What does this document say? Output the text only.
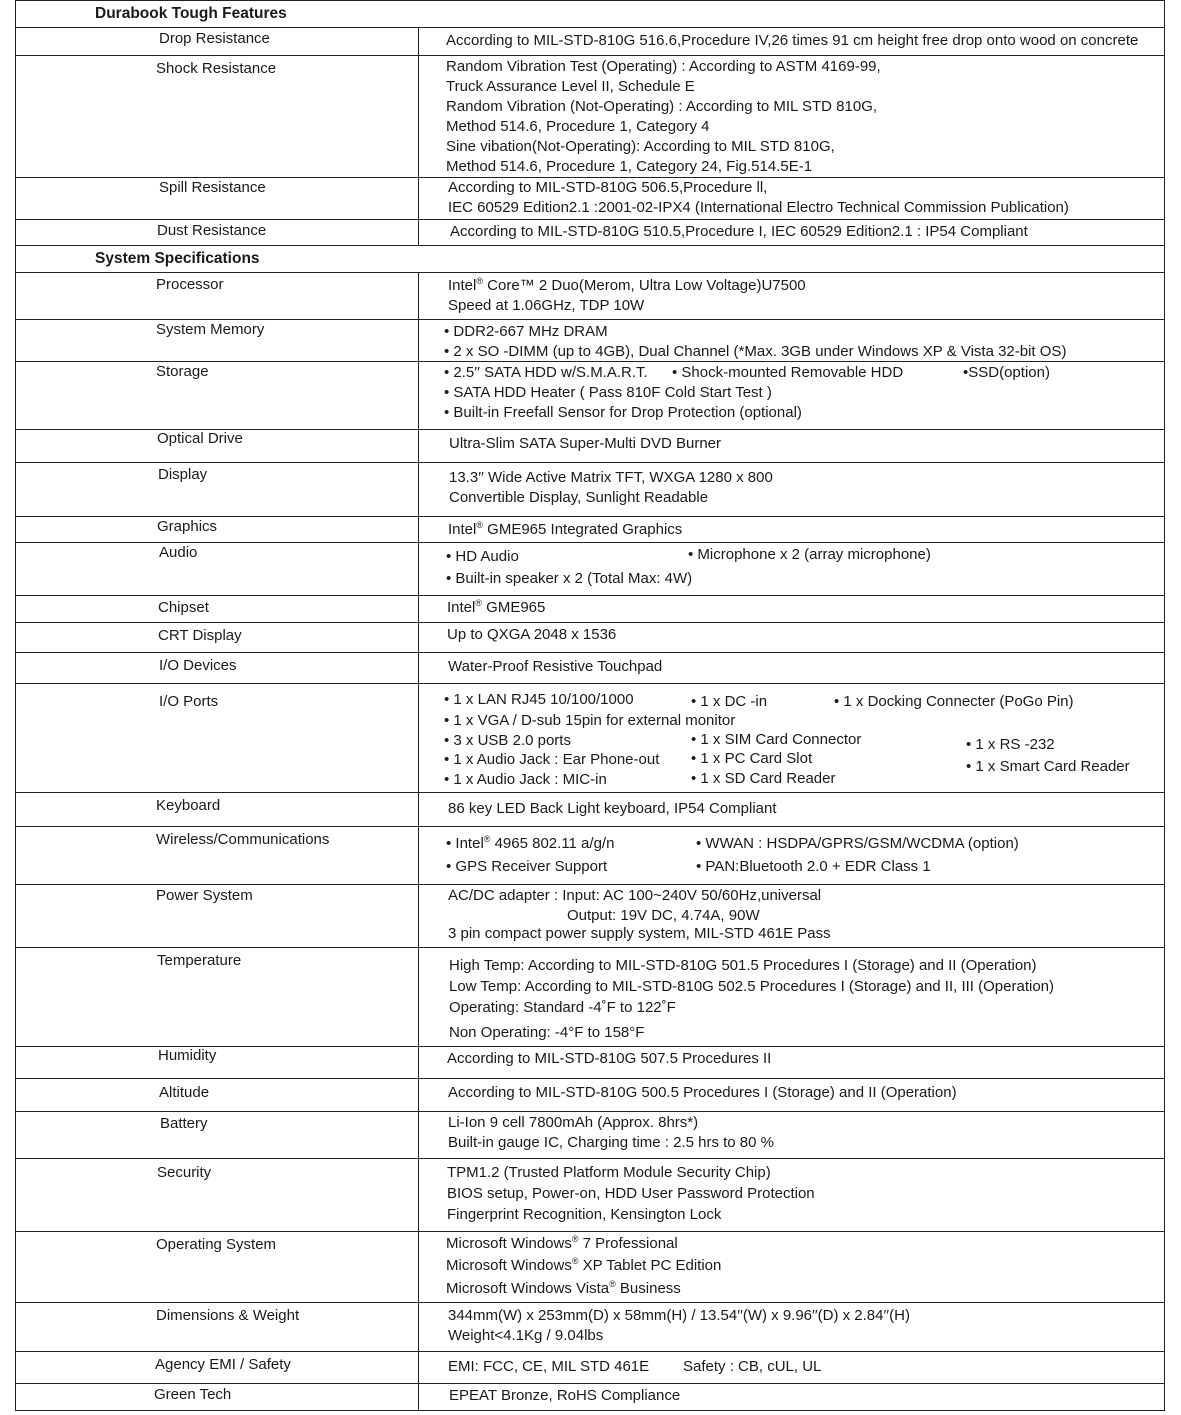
Durabook Tough Features
Drop Resistance	According to MIL-STD-810G 516.6,Procedure IV,26 times 91 cm height free drop onto wood on concrete
Shock Resistance	Random Vibration Test (Operating) : According to ASTM 4169-99,
Truck Assurance Level II, Schedule E
Random Vibration (Not-Operating) : According to MIL STD 810G,
Method 514.6, Procedure 1, Category 4
Sine vibation(Not-Operating): According to MIL STD 810G,
Method 514.6, Procedure 1, Category 24, Fig.514.5E-1
Spill Resistance	According to MIL-STD-810G 506.5,Procedure ll,
IEC 60529 Edition2.1 :2001-02-IPX4 (International Electro Technical Commission Publication)
Dust Resistance	According to MIL-STD-810G 510.5,Procedure I, IEC 60529 Edition2.1 : IP54 Compliant
System Specifications
Processor	Intel® Core™ 2 Duo(Merom, Ultra Low Voltage)U7500
Speed at 1.06GHz, TDP 10W
System Memory	• DDR2-667 MHz DRAM
• 2 x SO -DIMM (up to 4GB), Dual Channel (*Max. 3GB under Windows XP & Vista 32-bit OS)
Storage	• 2.5′′ SATA HDD w/S.M.A.R.T. • Shock-mounted Removable HDD	•SSD(option)
• SATA HDD Heater ( Pass 810F Cold Start Test )
• Built-in Freefall Sensor for Drop Protection (optional)
Optical Drive	Ultra-Slim SATA Super-Multi DVD Burner
Display	13.3′′ Wide Active Matrix TFT, WXGA 1280 x 800
Convertible Display, Sunlight Readable
Graphics	Intel® GME965 Integrated Graphics
Audio	• HD Audio	• Microphone x 2 (array microphone)
• Built-in speaker x 2 (Total Max: 4W)
Chipset	Intel® GME965
CRT Display	Up to QXGA 2048 x 1536
I/O Devices	Water-Proof Resistive Touchpad
I/O Ports	• 1 x LAN RJ45 10/100/1000	• 1 x DC -in	• 1 x Docking Connecter (PoGo Pin)
• 1 x VGA / D-sub 15pin for external monitor
• 3 x USB 2.0 ports	• 1 x SIM Card Connector	• 1 x RS -232
• 1 x Audio Jack : Ear Phone-out • 1 x PC Card Slot	• 1 x Smart Card Reader
• 1 x Audio Jack : MIC-in	• 1 x SD Card Reader
Keyboard	86 key LED Back Light keyboard, IP54 Compliant
Wireless/Communications	• Intel® 4965 802.11 a/g/n	• WWAN : HSDPA/GPRS/GSM/WCDMA (option)
• GPS Receiver Support	• PAN:Bluetooth 2.0 + EDR Class 1
Power System	AC/DC adapter : Input: AC 100~240V 50/60Hz,universal
Output: 19V DC, 4.74A, 90W
3 pin compact power supply system, MIL-STD 461E Pass
Temperature	High Temp: According to MIL-STD-810G 501.5 Procedures I (Storage) and II (Operation)
Low Temp: According to MIL-STD-810G 502.5 Procedures I (Storage) and II, III (Operation)
Operating: Standard -4˚F to 122˚F
Non Operating: -4°F to 158°F
Humidity	According to MIL-STD-810G 507.5 Procedures II
Altitude	According to MIL-STD-810G 500.5 Procedures I (Storage) and II (Operation)
Battery	Li-Ion 9 cell 7800mAh (Approx. 8hrs*)
Built-in gauge IC, Charging time : 2.5 hrs to 80 %
Security	TPM1.2 (Trusted Platform Module Security Chip)
BIOS setup, Power-on, HDD User Password Protection
Fingerprint Recognition, Kensington Lock
Operating System	Microsoft Windows® 7 Professional
Microsoft Windows® XP Tablet PC Edition
Microsoft Windows Vista® Business
Dimensions & Weight	344mm(W) x 253mm(D) x 58mm(H) / 13.54′′(W) x 9.96′′(D) x 2.84′′(H)
Weight<4.1Kg / 9.04lbs
Agency EMI / Safety	EMI: FCC, CE, MIL STD 461E Safety : CB, cUL, UL
Green Tech	EPEAT Bronze, RoHS Compliance
